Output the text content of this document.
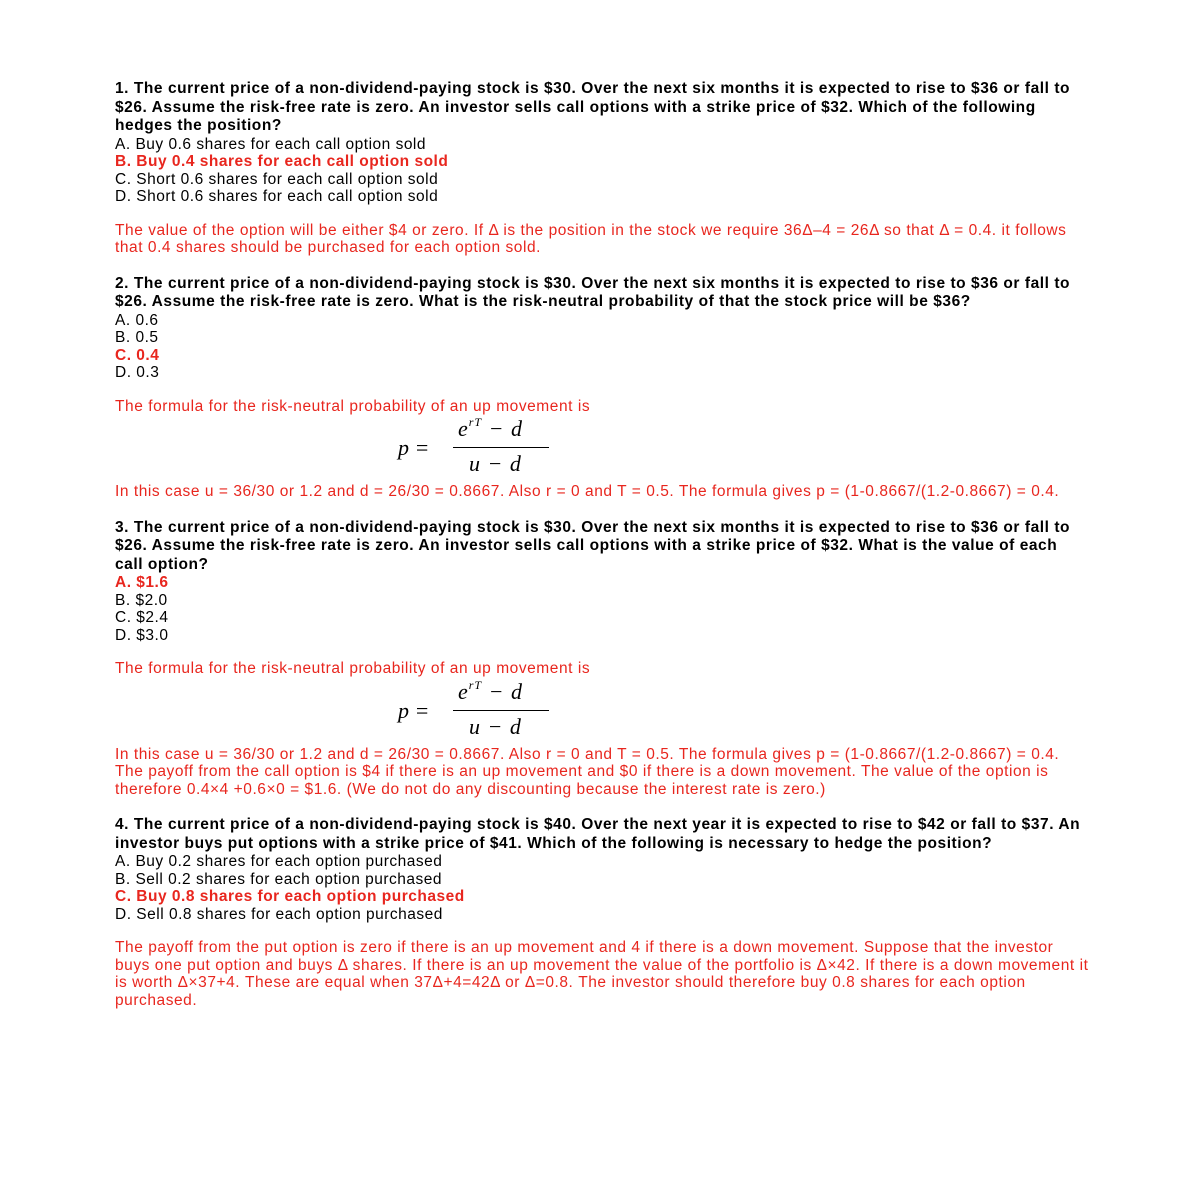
1. The current price of a non-dividend-paying stock is $30. Over the next six months it is expected to rise to $36 or fall to $26. Assume the risk-free rate is zero. An investor sells call options with a strike price of $32. Which of the following hedges the position?

A. Buy 0.6 shares for each call option sold

B. Buy 0.4 shares for each call option sold

C. Short 0.6 shares for each call option sold

D. Short 0.6 shares for each call option sold

The value of the option will be either $4 or zero. If Δ is the position in the stock we require 36Δ–4 = 26Δ so that Δ = 0.4. it follows that 0.4 shares should be purchased for each option sold.

2. The current price of a non-dividend-paying stock is $30. Over the next six months it is expected to rise to $36 or fall to $26. Assume the risk-free rate is zero. What is the risk-neutral probability of that the stock price will be $36?

A. 0.6

B. 0.5

C. 0.4

D. 0.3

The formula for the risk-neutral probability of an up movement is

p =
$e^{rT} - d$
u − d

In this case u = 36/30 or 1.2 and d = 26/30 = 0.8667. Also r = 0 and T = 0.5. The formula gives p = (1-0.8667/(1.2-0.8667) = 0.4.

3. The current price of a non-dividend-paying stock is $30. Over the next six months it is expected to rise to $36 or fall to $26. Assume the risk-free rate is zero. An investor sells call options with a strike price of $32. What is the value of each call option?

A. $1.6

B. $2.0

C. $2.4

D. $3.0

The formula for the risk-neutral probability of an up movement is

p =
$e^{rT} - d$
u − d

In this case u = 36/30 or 1.2 and d = 26/30 = 0.8667. Also r = 0 and T = 0.5. The formula gives p = (1-0.8667/(1.2-0.8667) = 0.4.

The payoff from the call option is $4 if there is an up movement and $0 if there is a down movement. The value of the option is therefore 0.4×4 +0.6×0 = $1.6. (We do not do any discounting because the interest rate is zero.)

4. The current price of a non-dividend-paying stock is $40. Over the next year it is expected to rise to $42 or fall to $37. An investor buys put options with a strike price of $41. Which of the following is necessary to hedge the position?

A. Buy 0.2 shares for each option purchased

B. Sell 0.2 shares for each option purchased

C. Buy 0.8 shares for each option purchased

D. Sell 0.8 shares for each option purchased

The payoff from the put option is zero if there is an up movement and 4 if there is a down movement. Suppose that the investor buys one put option and buys Δ shares. If there is an up movement the value of the portfolio is Δ×42. If there is a down movement it is worth Δ×37+4. These are equal when 37Δ+4=42Δ or Δ=0.8. The investor should therefore buy 0.8 shares for each option purchased.
